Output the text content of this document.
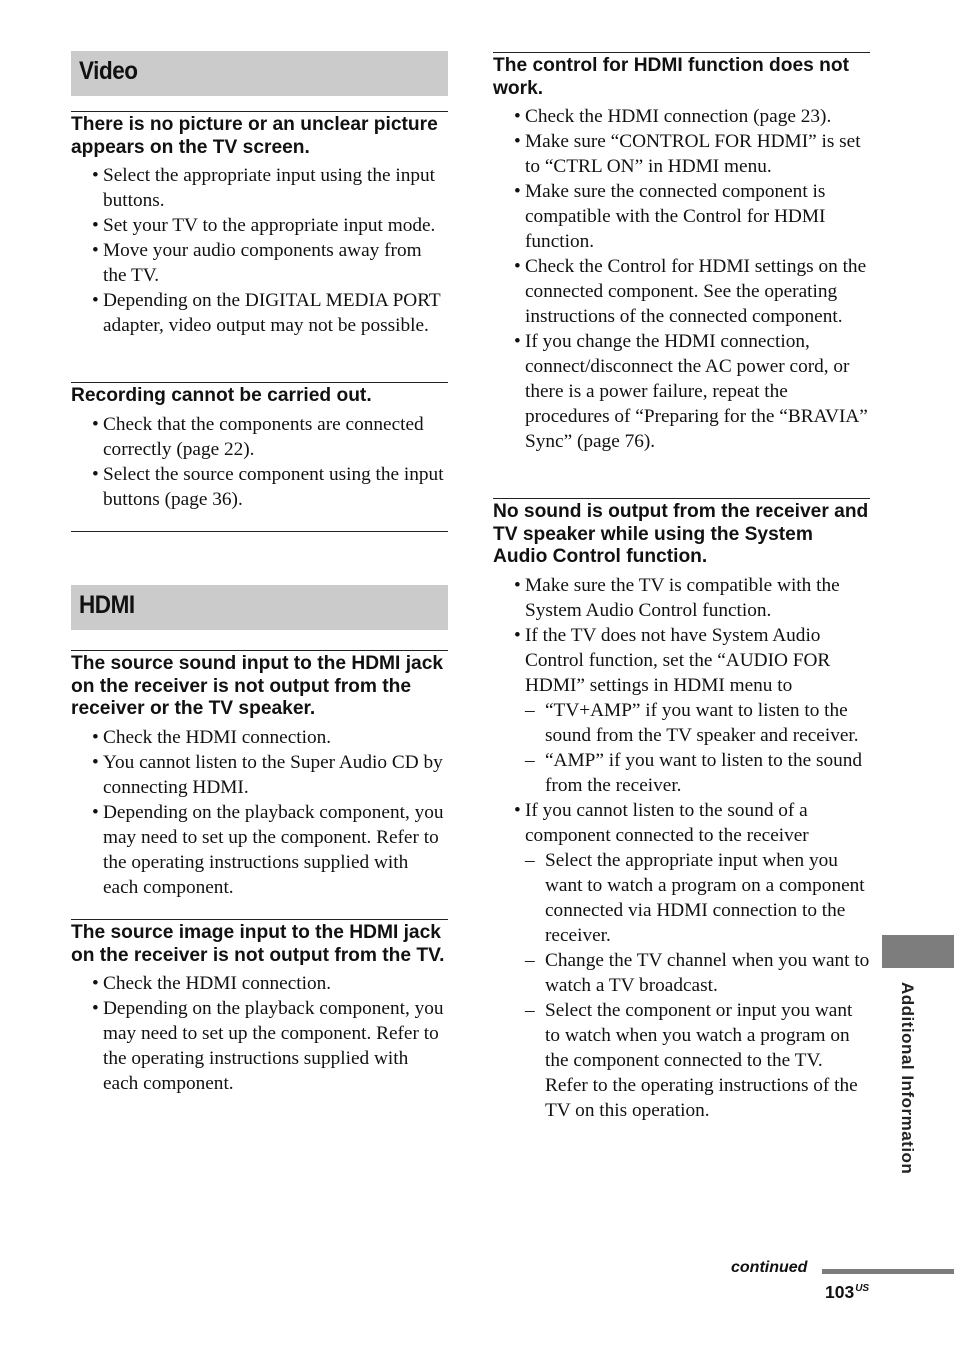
Video

There is no picture or an unclear picture appears on the TV screen.

• Select the appropriate input using the input buttons.
• Set your TV to the appropriate input mode.
• Move your audio components away from the TV.
• Depending on the DIGITAL MEDIA PORT adapter, video output may not be possible.

Recording cannot be carried out.

• Check that the components are connected correctly (page 22).
• Select the source component using the input buttons (page 36).
HDMI

The source sound input to the HDMI jack on the receiver is not output from the receiver or the TV speaker.

• Check the HDMI connection.
• You cannot listen to the Super Audio CD by connecting HDMI.
• Depending on the playback component, you may need to set up the component. Refer to the operating instructions supplied with each component.

The source image input to the HDMI jack on the receiver is not output from the TV.

• Check the HDMI connection.
• Depending on the playback component, you may need to set up the component. Refer to the operating instructions supplied with each component.

The control for HDMI function does not work.

• Check the HDMI connection (page 23).
• Make sure “CONTROL FOR HDMI” is set to “CTRL ON” in HDMI menu.
• Make sure the connected component is compatible with the Control for HDMI function.
• Check the Control for HDMI settings on the connected component. See the operating instructions of the connected component.
• If you change the HDMI connection, connect/disconnect the AC power cord, or there is a power failure, repeat the procedures of “Preparing for the “BRAVIA” Sync” (page 76).

No sound is output from the receiver and TV speaker while using the System Audio Control function.

• Make sure the TV is compatible with the System Audio Control function.
• If the TV does not have System Audio Control function, set the “AUDIO FOR HDMI” settings in HDMI menu to
– “TV+AMP” if you want to listen to the sound from the TV speaker and receiver.
– “AMP” if you want to listen to the sound from the receiver.
• If you cannot listen to the sound of a component connected to the receiver
– Select the appropriate input when you want to watch a program on a component connected via HDMI connection to the receiver.
– Change the TV channel when you want to watch a TV broadcast.
– Select the component or input you want to watch when you watch a program on the component connected to the TV. Refer to the operating instructions of the TV on this operation.	Additional Information
continued
$103^{US}$
